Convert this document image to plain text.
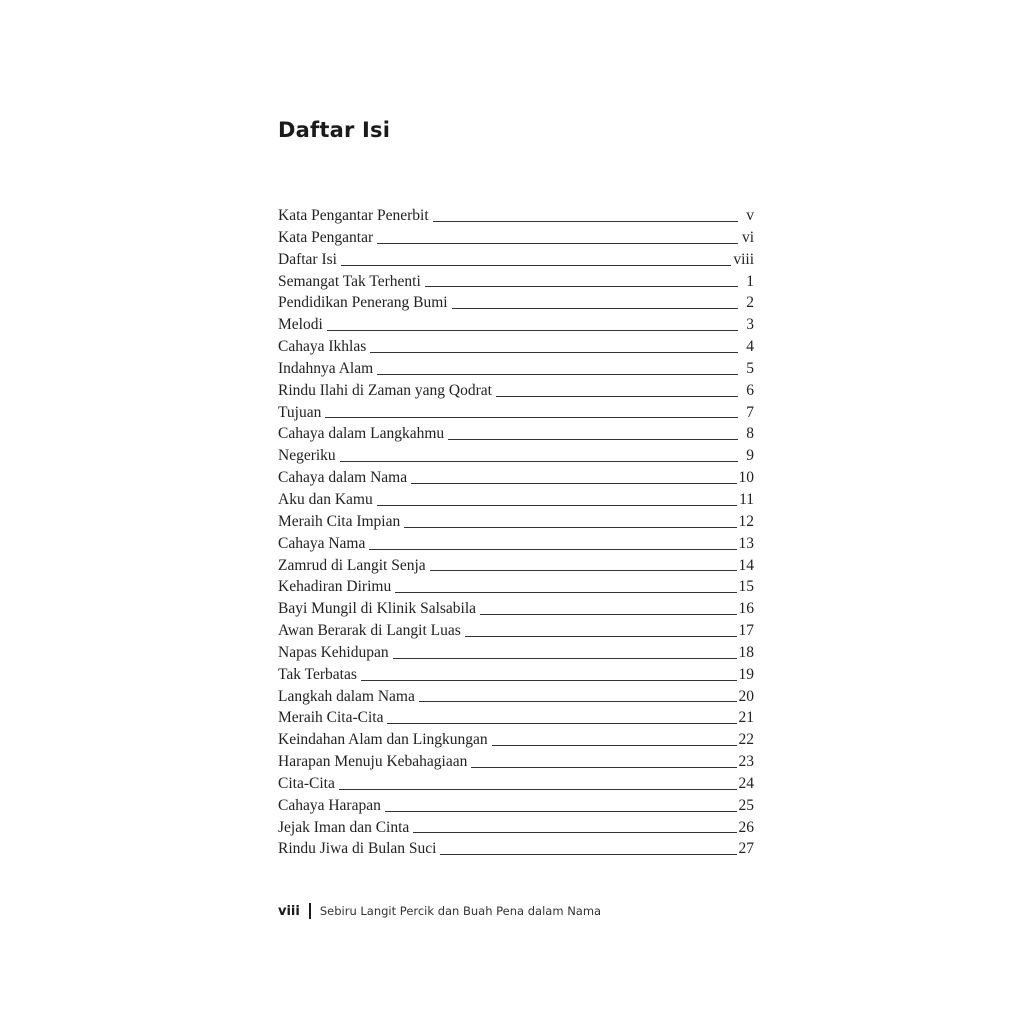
Daftar Isi
Kata Pengantar Penerbit	v
Kata Pengantar	vi
Daftar Isi	viii
Semangat Tak Terhenti	1
Pendidikan Penerang Bumi	2
Melodi	3
Cahaya Ikhlas	4
Indahnya Alam	5
Rindu Ilahi di Zaman yang Qodrat	6
Tujuan	7
Cahaya dalam Langkahmu	8
Negeriku	9
Cahaya dalam Nama	10
Aku dan Kamu	11
Meraih Cita Impian	12
Cahaya Nama	13
Zamrud di Langit Senja	14
Kehadiran Dirimu	15
Bayi Mungil di Klinik Salsabila	16
Awan Berarak di Langit Luas	17
Napas Kehidupan	18
Tak Terbatas	19
Langkah dalam Nama	20
Meraih Cita-Cita	21
Keindahan Alam dan Lingkungan	22
Harapan Menuju Kebahagiaan	23
Cita-Cita	24
Cahaya Harapan	25
Jejak Iman dan Cinta	26
Rindu Jiwa di Bulan Suci	27
viii Sebiru Langit Percik dan Buah Pena dalam Nama
